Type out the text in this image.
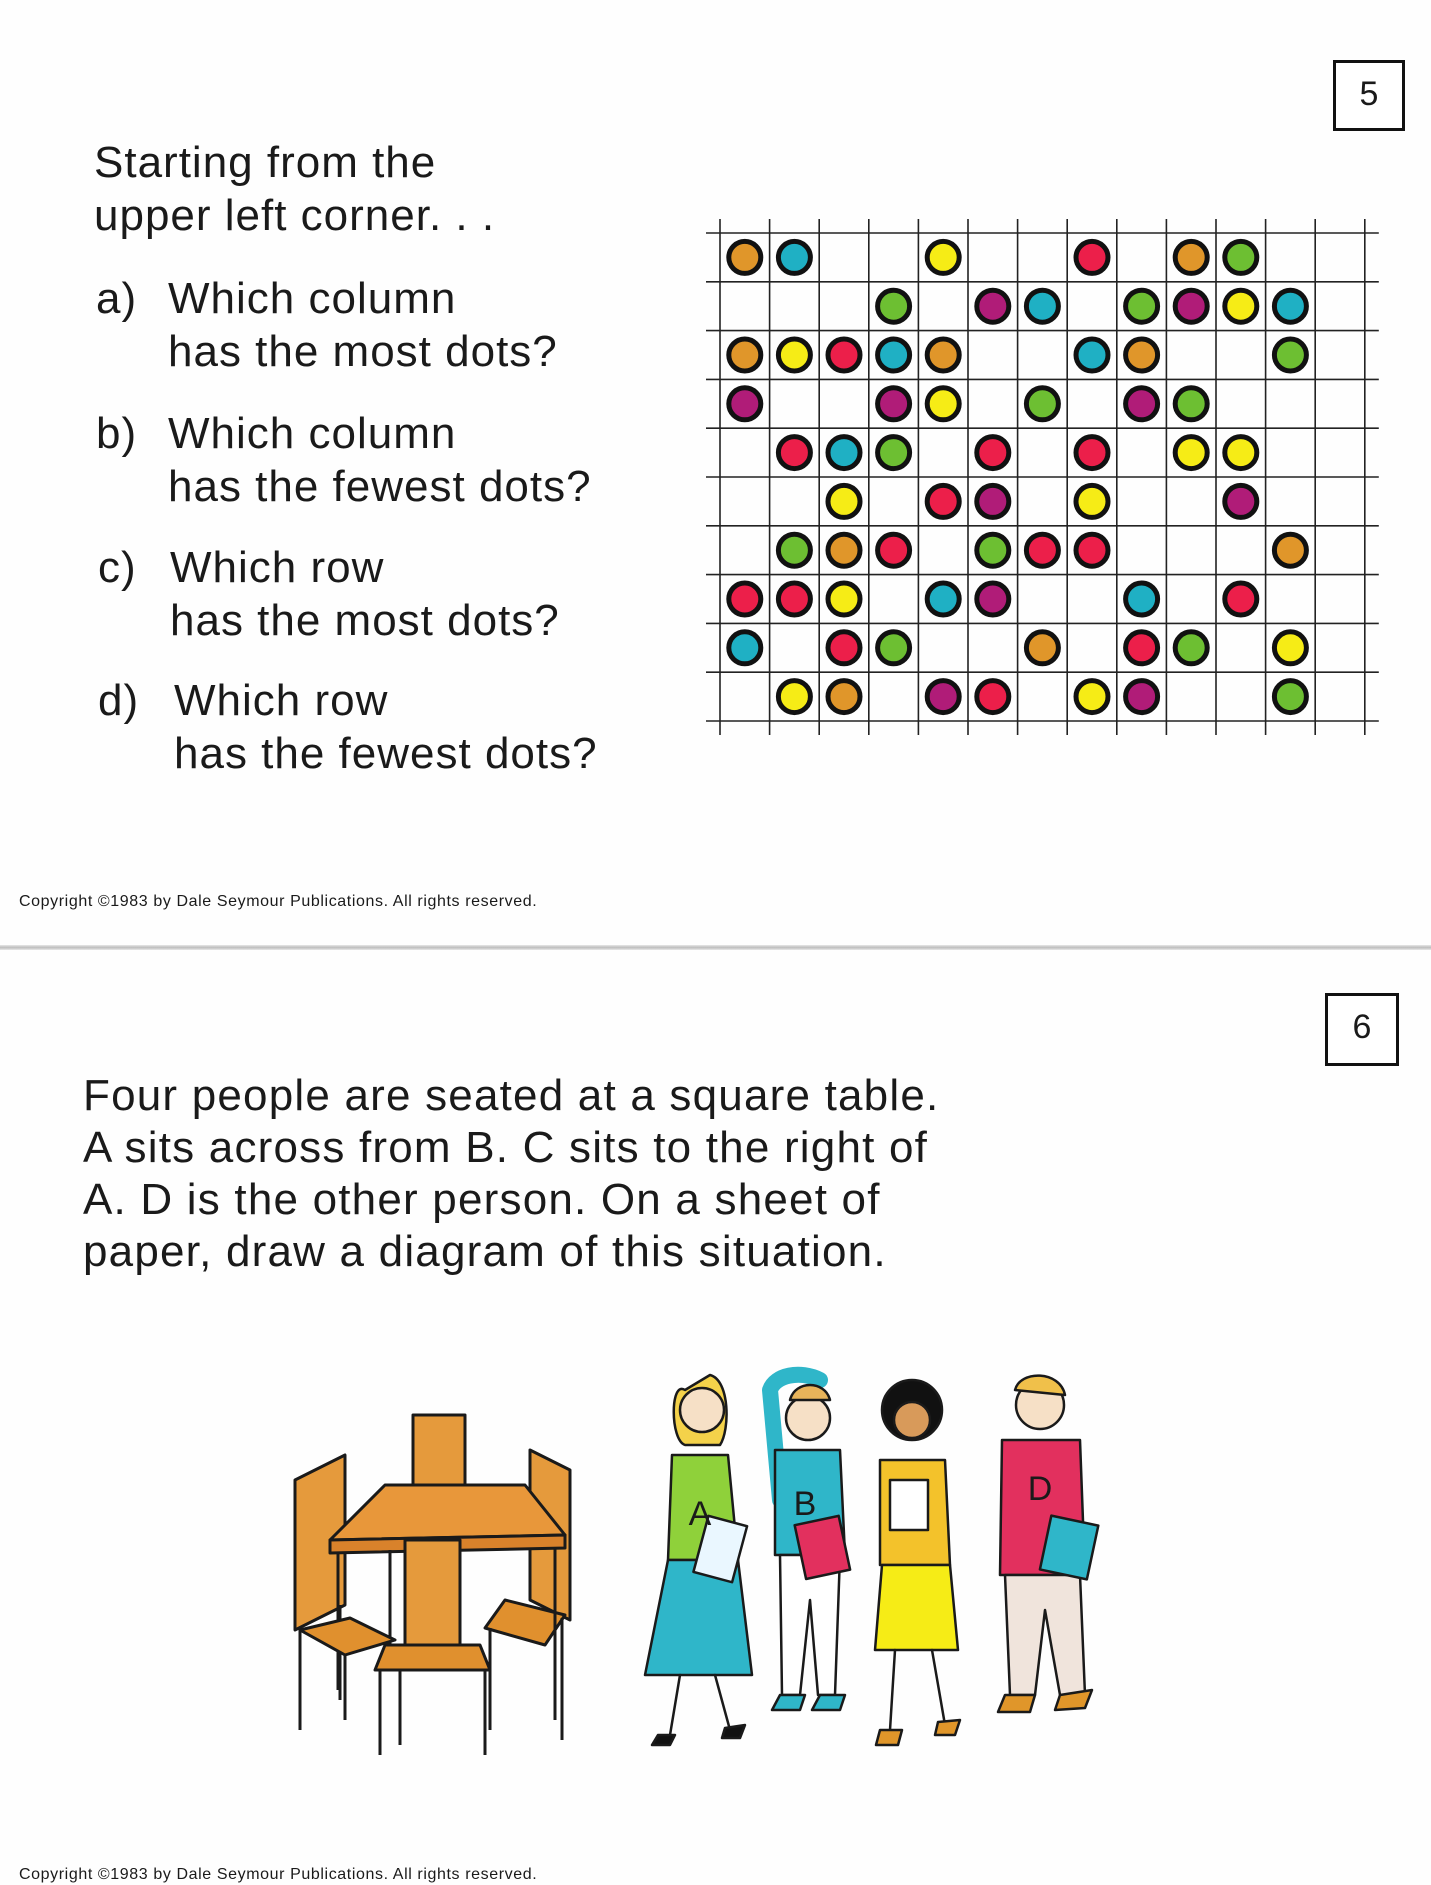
5
Starting from the
upper left corner. . .
a) Which column
has the most dots?
b) Which column
has the fewest dots?
c) Which row
has the most dots?
d) Which row
has the fewest dots?
Copyright ©1983 by Dale Seymour Publications. All rights reserved.
6
Four people are seated at a square table.
A sits across from B. C sits to the right of
A. D is the other person. On a sheet of
paper, draw a diagram of this situation.
A B	D
Copyright ©1983 by Dale Seymour Publications. All rights reserved.
